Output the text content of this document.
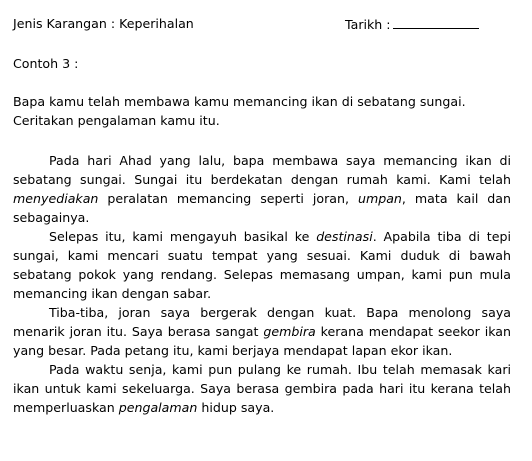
Jenis Karangan : Keperihalan	Tarikh :
Contoh 3 :
Bapa kamu telah membawa kamu memancing ikan di sebatang sungai.
Ceritakan pengalaman kamu itu.

Pada hari Ahad yang lalu, bapa membawa saya memancing ikan di sebatang sungai. Sungai itu berdekatan dengan rumah kami. Kami telah menyediakan peralatan memancing seperti joran, umpan, mata kail dan sebagainya.

Selepas itu, kami mengayuh basikal ke destinasi. Apabila tiba di tepi sungai, kami mencari suatu tempat yang sesuai. Kami duduk di bawah sebatang pokok yang rendang. Selepas memasang umpan, kami pun mula memancing ikan dengan sabar.

Tiba-tiba, joran saya bergerak dengan kuat. Bapa menolong saya menarik joran itu. Saya berasa sangat gembira kerana mendapat seekor ikan yang besar. Pada petang itu, kami berjaya mendapat lapan ekor ikan.

Pada waktu senja, kami pun pulang ke rumah. Ibu telah memasak kari ikan untuk kami sekeluarga. Saya berasa gembira pada hari itu kerana telah memperluaskan pengalaman hidup saya.
